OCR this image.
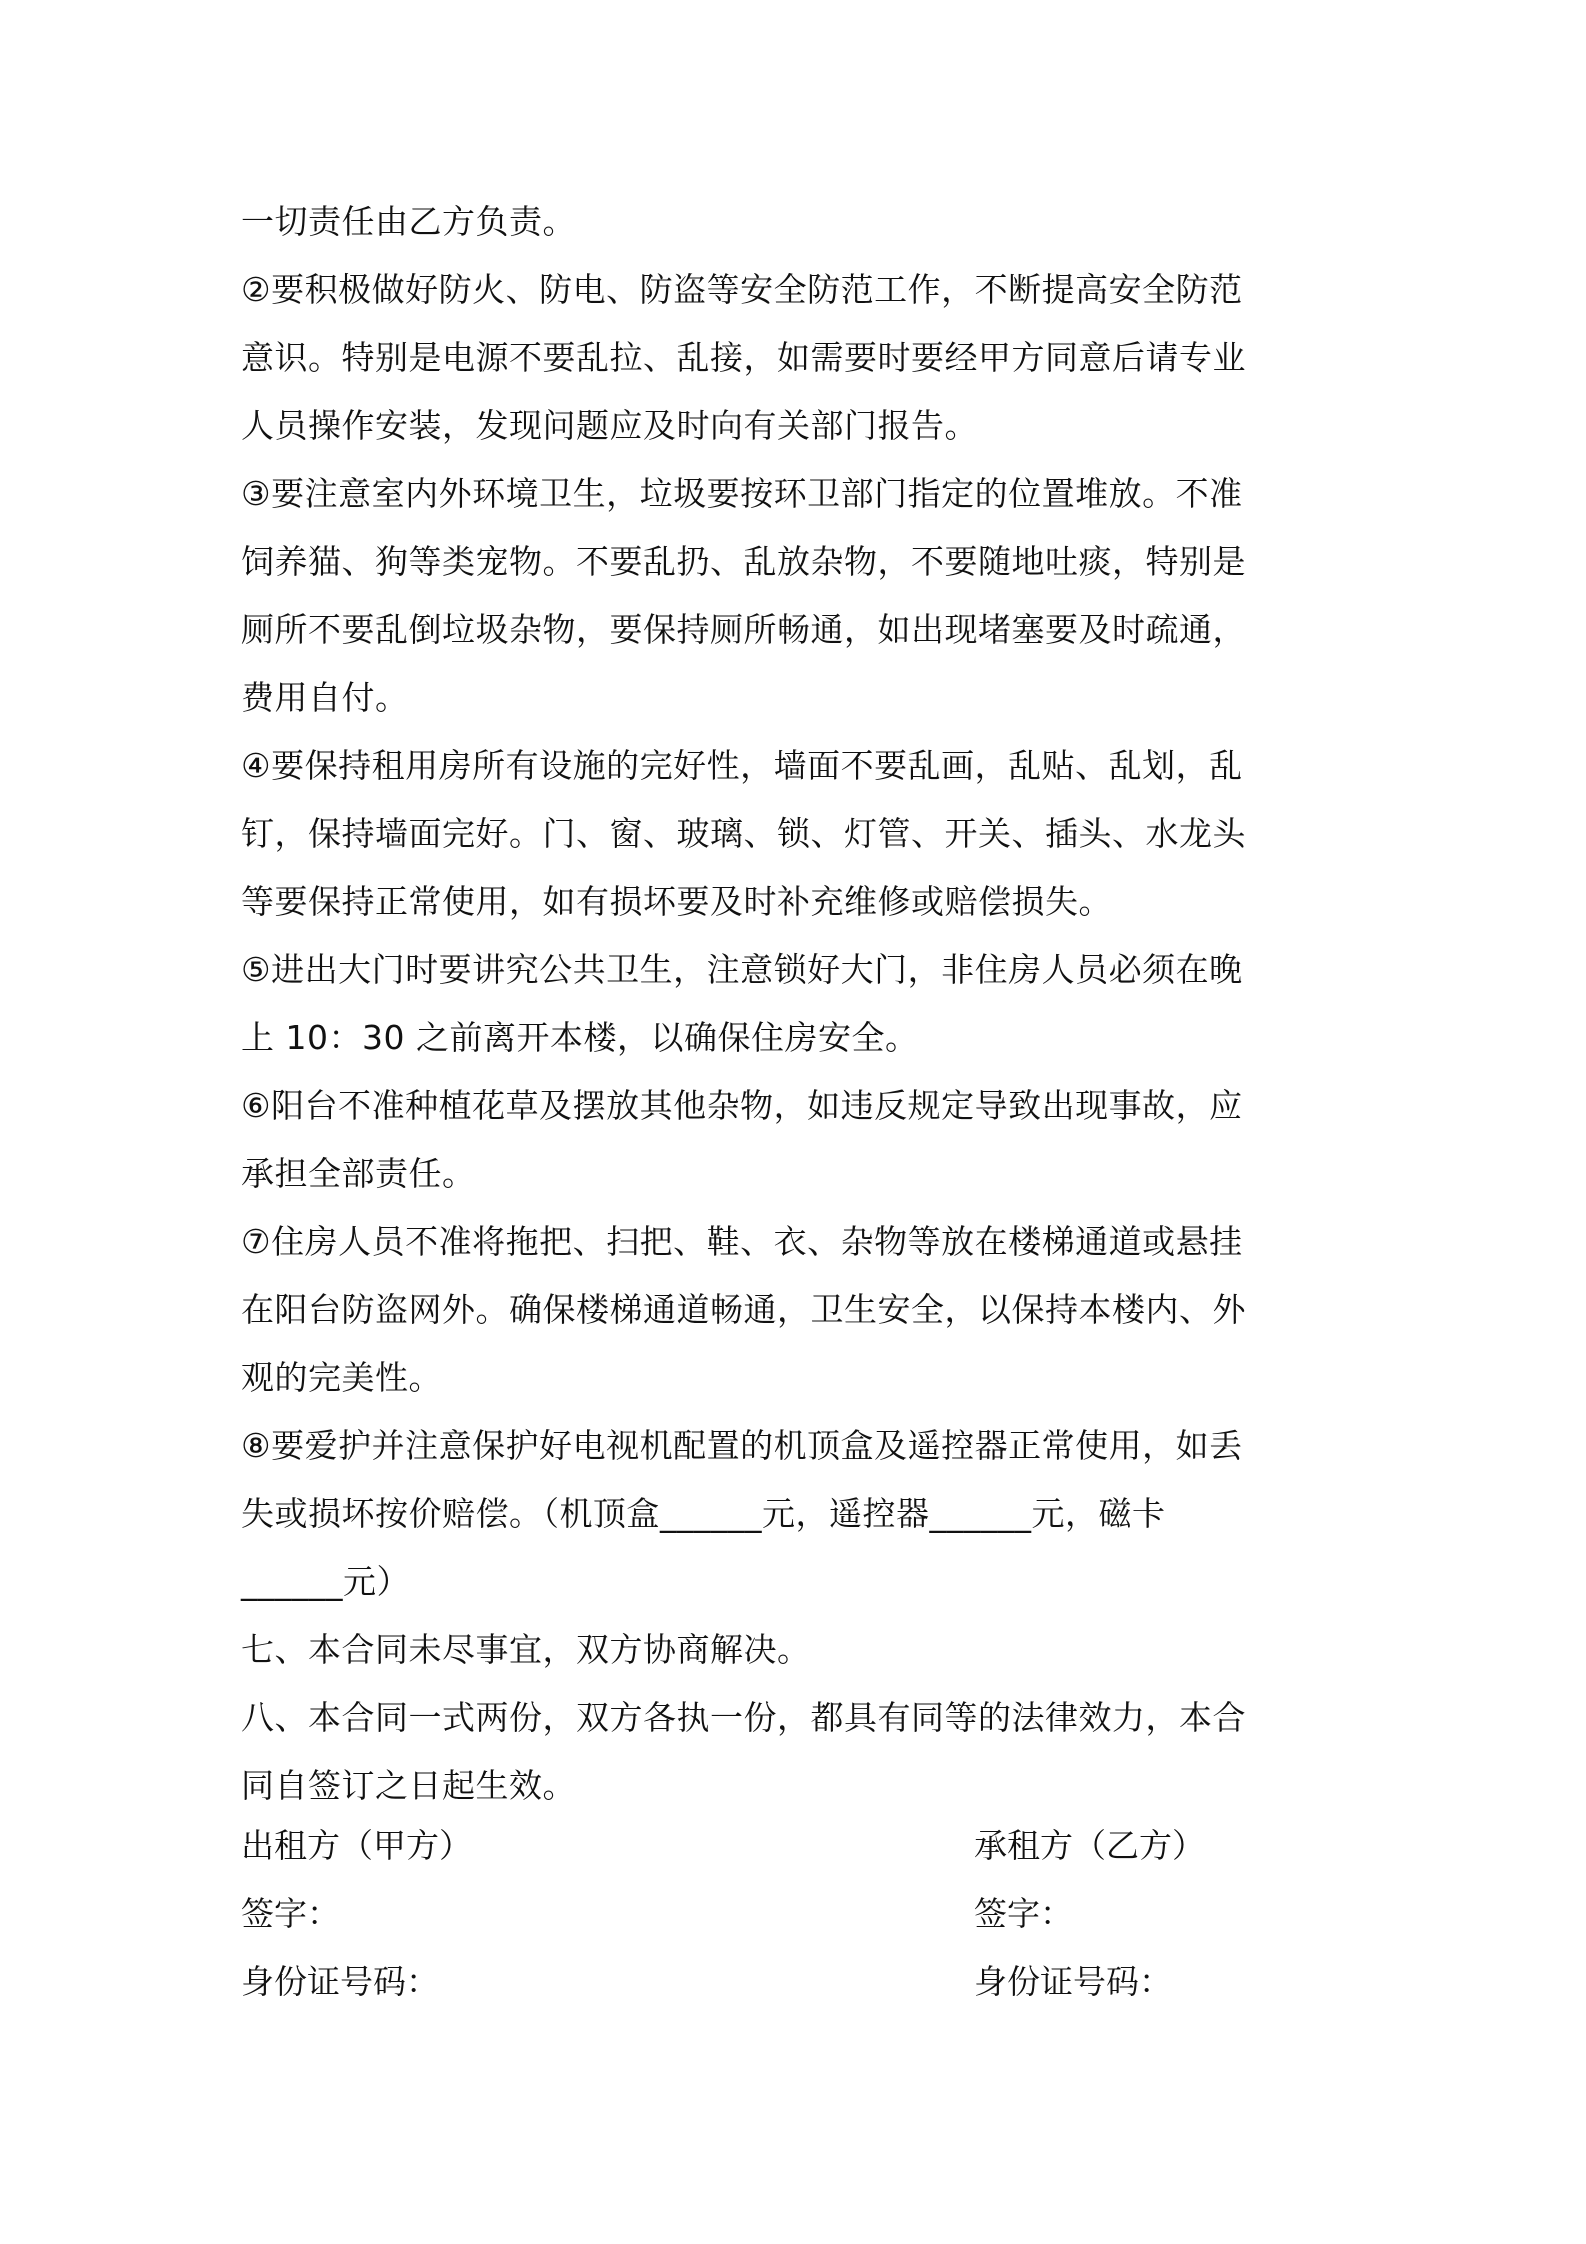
一切责任由乙方负责。
②要积极做好防火、防电、防盗等安全防范工作，不断提高安全防范
意识。特别是电源不要乱拉、乱接，如需要时要经甲方同意后请专业
人员操作安装，发现问题应及时向有关部门报告。
③要注意室内外环境卫生，垃圾要按环卫部门指定的位置堆放。不准
饲养猫、狗等类宠物。不要乱扔、乱放杂物，不要随地吐痰，特别是
厕所不要乱倒垃圾杂物，要保持厕所畅通，如出现堵塞要及时疏通，
费用自付。
④要保持租用房所有设施的完好性，墙面不要乱画，乱贴、乱划，乱
钉，保持墙面完好。门、窗、玻璃、锁、灯管、开关、插头、水龙头
等要保持正常使用，如有损坏要及时补充维修或赔偿损失。
⑤进出大门时要讲究公共卫生，注意锁好大门，非住房人员必须在晚
上 10：30 之前离开本楼，以确保住房安全。
⑥阳台不准种植花草及摆放其他杂物，如违反规定导致出现事故，应
承担全部责任。
⑦住房人员不准将拖把、扫把、鞋、衣、杂物等放在楼梯通道或悬挂
在阳台防盗网外。确保楼梯通道畅通，卫生安全，以保持本楼内、外
观的完美性。
⑧要爱护并注意保护好电视机配置的机顶盒及遥控器正常使用，如丢
失或损坏按价赔偿。（机顶盒______元，遥控器______元，磁卡
______元）
七、本合同未尽事宜，双方协商解决。
八、本合同一式两份，双方各执一份，都具有同等的法律效力，本合
同自签订之日起生效。
出租方（甲方）	承租方（乙方）
签字：	签字：
身份证号码：	身份证号码：
